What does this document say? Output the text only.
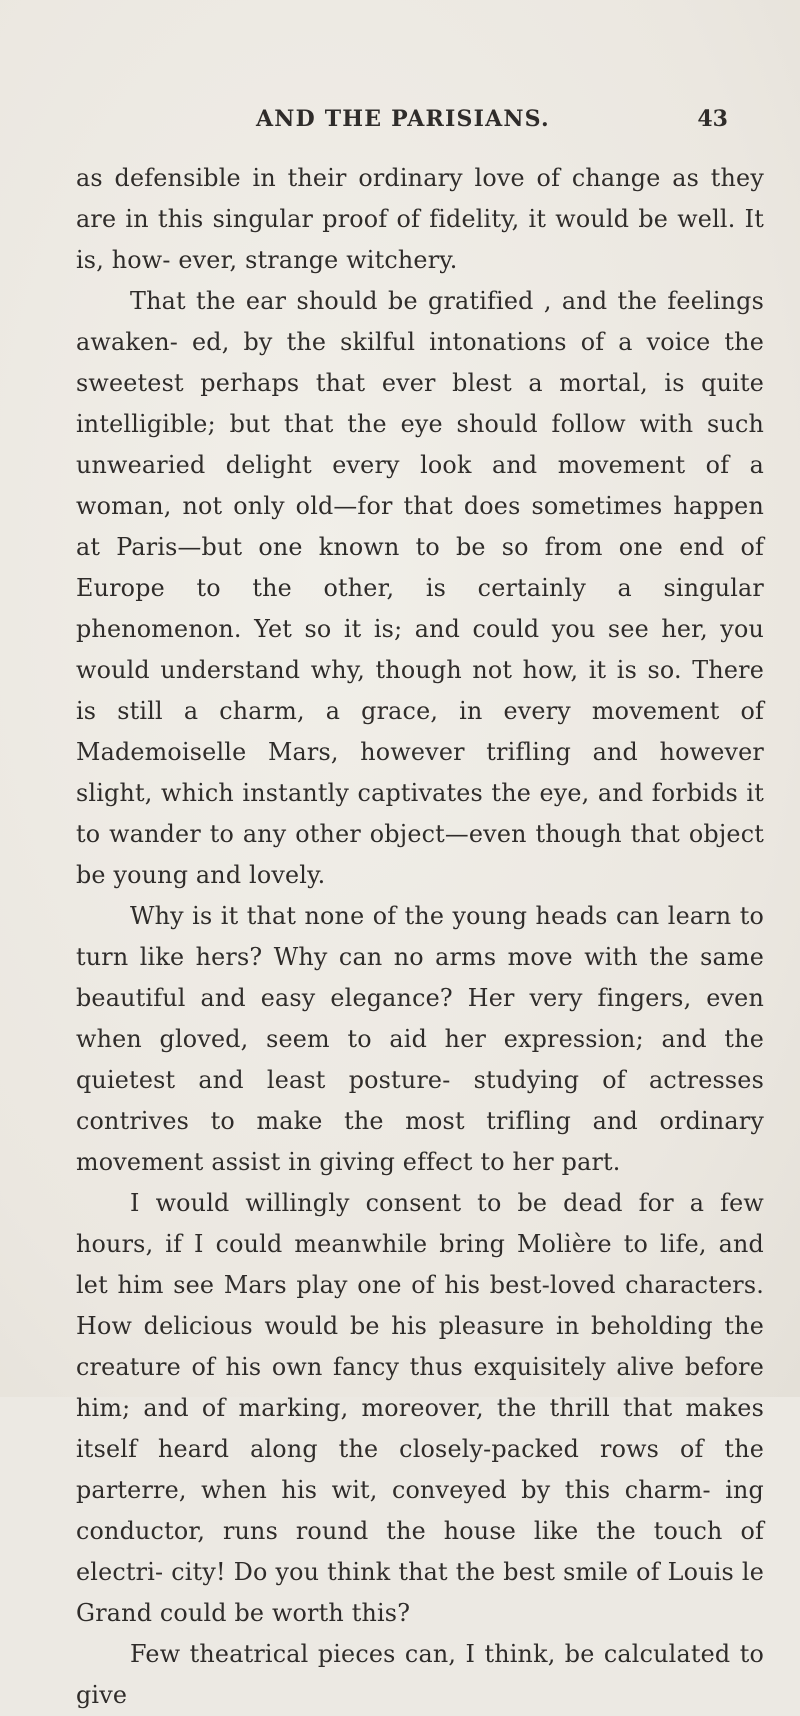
AND THE PARISIANS.	43

as defensible in their ordinary love of change as they are in this singular proof of fidelity, it would be well. It is, how- ever, strange witchery.

That the ear should be gratified , and the feelings awaken- ed, by the skilful intonations of a voice the sweetest perhaps that ever blest a mortal, is quite intelligible; but that the eye should follow with such unwearied delight every look and movement of a woman, not only old—for that does sometimes happen at Paris—but one known to be so from one end of Europe to the other, is certainly a singular phenomenon. Yet so it is; and could you see her, you would understand why, though not how, it is so. There is still a charm, a grace, in every movement of Mademoiselle Mars, however trifling and however slight, which instantly captivates the eye, and forbids it to wander to any other object—even though that object be young and lovely.

Why is it that none of the young heads can learn to turn like hers? Why can no arms move with the same beautiful and easy elegance? Her very fingers, even when gloved, seem to aid her expression; and the quietest and least posture- studying of actresses contrives to make the most trifling and ordinary movement assist in giving effect to her part.

I would willingly consent to be dead for a few hours, if I could meanwhile bring Molière to life, and let him see Mars play one of his best-loved characters. How delicious would be his pleasure in beholding the creature of his own fancy thus exquisitely alive before him; and of marking, moreover, the thrill that makes itself heard along the closely-packed rows of the parterre, when his wit, conveyed by this charm- ing conductor, runs round the house like the touch of electri- city! Do you think that the best smile of Louis le Grand could be worth this?

Few theatrical pieces can, I think, be calculated to give
